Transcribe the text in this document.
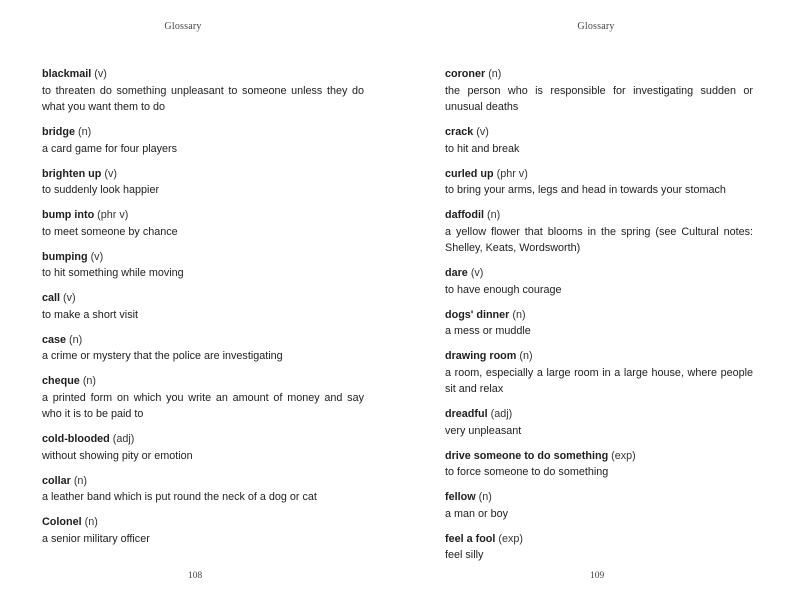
Glossary
blackmail (v)
to threaten do something unpleasant to someone unless they do what you want them to do
bridge (n)
a card game for four players
brighten up (v)
to suddenly look happier
bump into (phr v)
to meet someone by chance
bumping (v)
to hit something while moving
call (v)
to make a short visit
case (n)
a crime or mystery that the police are investigating
cheque (n)
a printed form on which you write an amount of money and say who it is to be paid to
cold-blooded (adj)
without showing pity or emotion
collar (n)
a leather band which is put round the neck of a dog or cat
Colonel (n)
a senior military officer
108
Glossary
coroner (n)
the person who is responsible for investigating sudden or unusual deaths
crack (v)
to hit and break
curled up (phr v)
to bring your arms, legs and head in towards your stomach
daffodil (n)
a yellow flower that blooms in the spring (see Cultural notes: Shelley, Keats, Wordsworth)
dare (v)
to have enough courage
dogs' dinner (n)
a mess or muddle
drawing room (n)
a room, especially a large room in a large house, where people sit and relax
dreadful (adj)
very unpleasant
drive someone to do something (exp)
to force someone to do something
fellow (n)
a man or boy
feel a fool (exp)
feel silly
109
